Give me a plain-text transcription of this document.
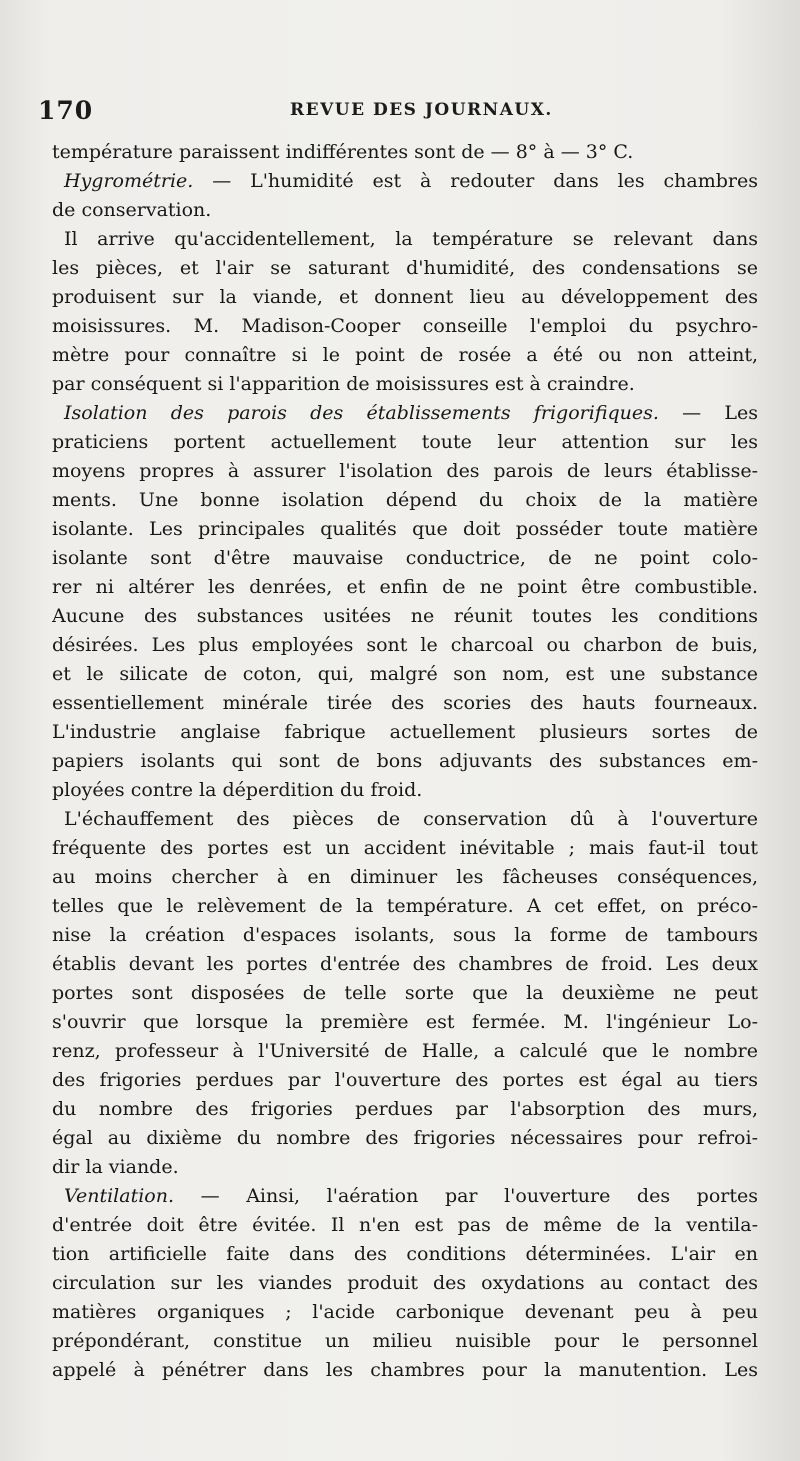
170	REVUE DES JOURNAUX.
température paraissent indifférentes sont de — 8° à — 3° C.
Hygrométrie. — L'humidité est à redouter dans les chambres
de conservation.
Il arrive qu'accidentellement, la température se relevant dans
les pièces, et l'air se saturant d'humidité, des condensations se
produisent sur la viande, et donnent lieu au développement des
moisissures. M. Madison-Cooper conseille l'emploi du psychro-
mètre pour connaître si le point de rosée a été ou non atteint,
par conséquent si l'apparition de moisissures est à craindre.
Isolation des parois des établissements frigorifiques. — Les
praticiens portent actuellement toute leur attention sur les
moyens propres à assurer l'isolation des parois de leurs établisse-
ments. Une bonne isolation dépend du choix de la matière
isolante. Les principales qualités que doit posséder toute matière
isolante sont d'être mauvaise conductrice, de ne point colo-
rer ni altérer les denrées, et enfin de ne point être combustible.
Aucune des substances usitées ne réunit toutes les conditions
désirées. Les plus employées sont le charcoal ou charbon de buis,
et le silicate de coton, qui, malgré son nom, est une substance
essentiellement minérale tirée des scories des hauts fourneaux.
L'industrie anglaise fabrique actuellement plusieurs sortes de
papiers isolants qui sont de bons adjuvants des substances em-
ployées contre la déperdition du froid.
L'échauffement des pièces de conservation dû à l'ouverture
fréquente des portes est un accident inévitable ; mais faut-il tout
au moins chercher à en diminuer les fâcheuses conséquences,
telles que le relèvement de la température. A cet effet, on préco-
nise la création d'espaces isolants, sous la forme de tambours
établis devant les portes d'entrée des chambres de froid. Les deux
portes sont disposées de telle sorte que la deuxième ne peut
s'ouvrir que lorsque la première est fermée. M. l'ingénieur Lo-
renz, professeur à l'Université de Halle, a calculé que le nombre
des frigories perdues par l'ouverture des portes est égal au tiers
du nombre des frigories perdues par l'absorption des murs,
égal au dixième du nombre des frigories nécessaires pour refroi-
dir la viande.
Ventilation. — Ainsi, l'aération par l'ouverture des portes
d'entrée doit être évitée. Il n'en est pas de même de la ventila-
tion artificielle faite dans des conditions déterminées. L'air en
circulation sur les viandes produit des oxydations au contact des
matières organiques ; l'acide carbonique devenant peu à peu
prépondérant, constitue un milieu nuisible pour le personnel
appelé à pénétrer dans les chambres pour la manutention. Les
